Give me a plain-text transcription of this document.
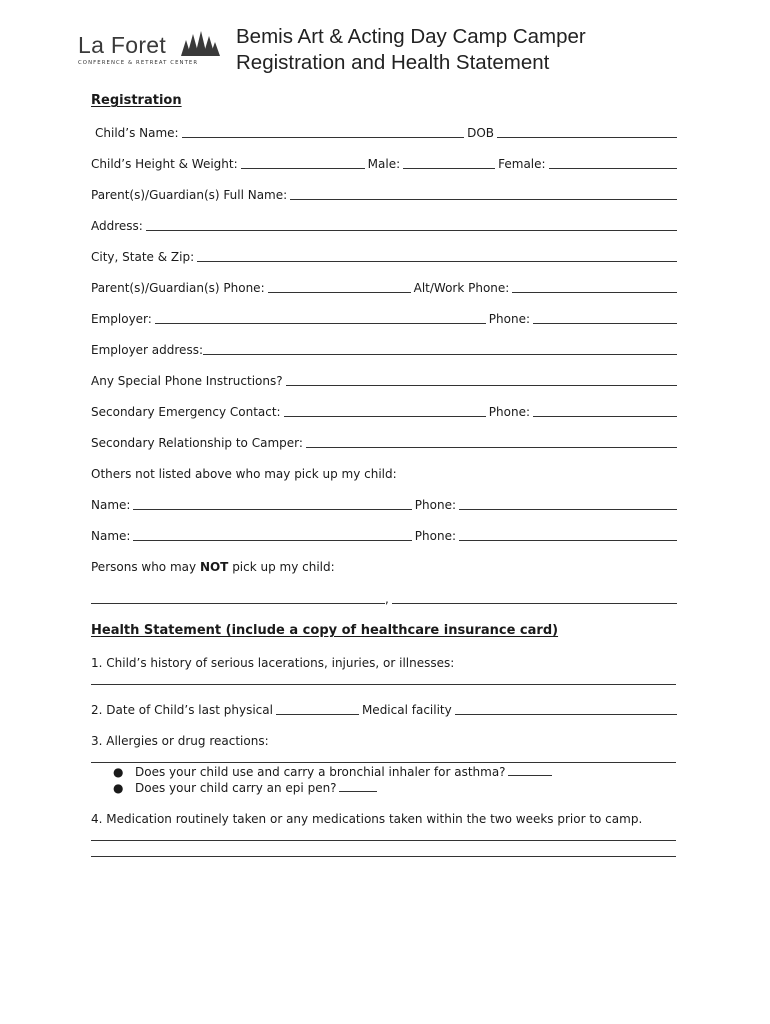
La Foret
CONFERENCE & RETREAT CENTER
Bemis Art & Acting Day Camp Camper
Registration and Health Statement
Registration
Child’s Name:	DOB
Child’s Height & Weight:	Male:	Female:
Parent(s)/Guardian(s) Full Name:
Address:
City, State & Zip:
Parent(s)/Guardian(s) Phone:	Alt/Work Phone:
Employer:	Phone:
Employer address:
Any Special Phone Instructions?
Secondary Emergency Contact:	Phone:
Secondary Relationship to Camper:
Others not listed above who may pick up my child:
Name:	Phone:
Name:	Phone:
Persons who may NOT pick up my child:
,
Health Statement (include a copy of healthcare insurance card)
1. Child’s history of serious lacerations, injuries, or illnesses:
2. Date of Child’s last physical	Medical facility
3. Allergies or drug reactions:
● Does your child use and carry a bronchial inhaler for asthma?
● Does your child carry an epi pen?
4. Medication routinely taken or any medications taken within the two weeks prior to camp.
